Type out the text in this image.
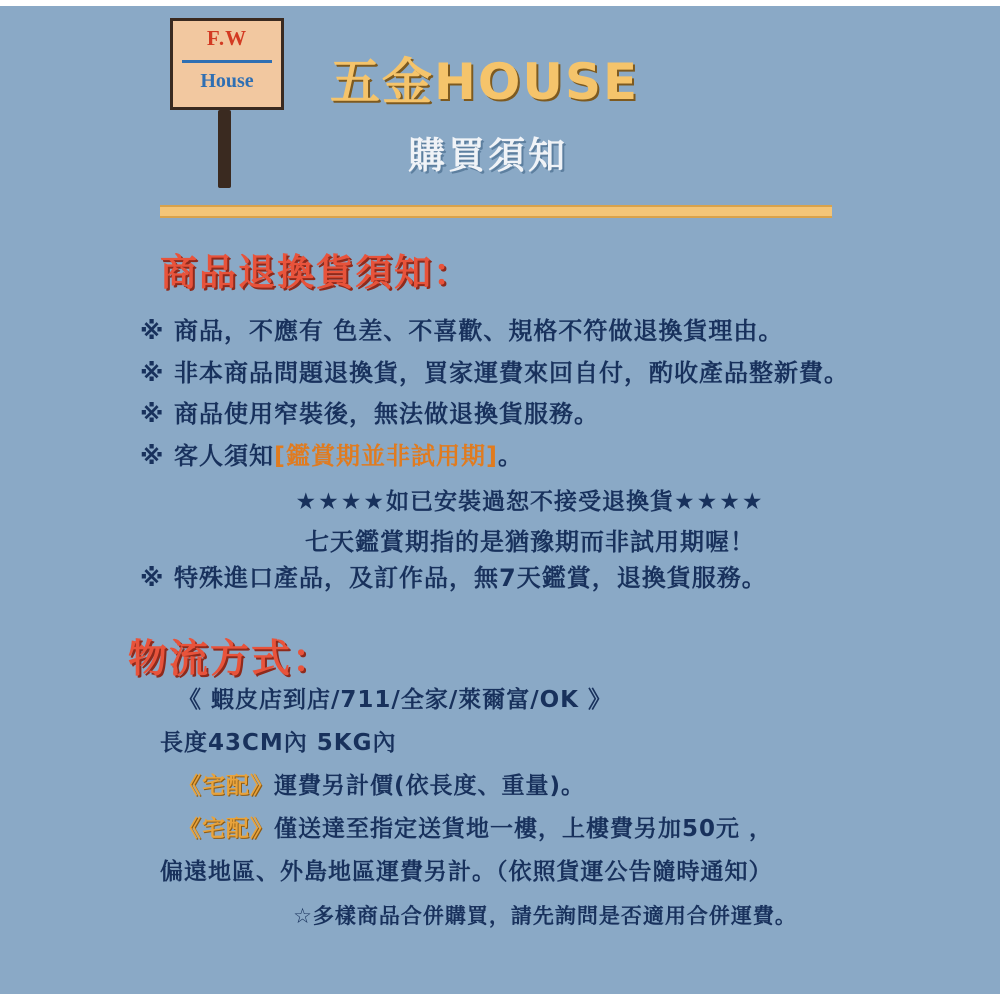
F.W
House	五金HOUSE
購買須知
商品退換貨須知：
※ 商品，不應有 色差、不喜歡、規格不符做退換貨理由。
※ 非本商品問題退換貨，買家運費來回自付，酌收產品整新費。
※ 商品使用窄裝後，無法做退換貨服務。
※ 客人須知[鑑賞期並非試用期]。
★★★★如已安裝過恕不接受退換貨★★★★
七天鑑賞期指的是猶豫期而非試用期喔！
※ 特殊進口產品，及訂作品，無7天鑑賞，退換貨服務。
物流方式：
《 蝦皮店到店/711/全家/萊爾富/OK 》
長度43CM內 5KG內
《宅配》運費另計價(依長度、重量)。
《宅配》僅送達至指定送貨地一樓，上樓費另加50元 ，
偏遠地區、外島地區運費另計。（依照貨運公告隨時通知）
☆多樣商品合併購買，請先詢問是否適用合併運費。
